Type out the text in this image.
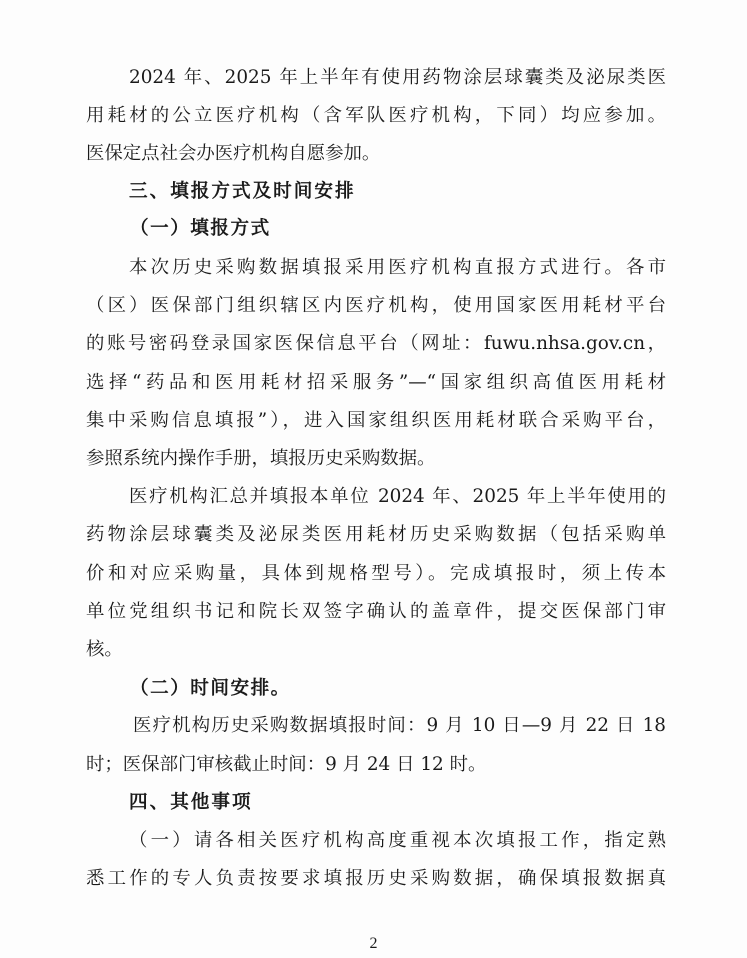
2024 年、2025 年上半年有使用药物涂层球囊类及泌尿类医
用耗材的公立医疗机构（含军队医疗机构，下同）均应参加。
医保定点社会办医疗机构自愿参加。
三、填报方式及时间安排
（一）填报方式
本次历史采购数据填报采用医疗机构直报方式进行。各市
（区）医保部门组织辖区内医疗机构，使用国家医用耗材平台
的账号密码登录国家医保信息平台（网址：fuwu.nhsa.gov.cn，
选择“药品和医用耗材招采服务”—“国家组织高值医用耗材
集中采购信息填报”），进入国家组织医用耗材联合采购平台，
参照系统内操作手册，填报历史采购数据。
医疗机构汇总并填报本单位 2024 年、2025 年上半年使用的
药物涂层球囊类及泌尿类医用耗材历史采购数据（包括采购单
价和对应采购量，具体到规格型号）。完成填报时，须上传本
单位党组织书记和院长双签字确认的盖章件，提交医保部门审
核。
（二）时间安排。
医疗机构历史采购数据填报时间：9 月 10 日—9 月 22 日 18
时；医保部门审核截止时间：9 月 24 日 12 时。
四、其他事项
（一）请各相关医疗机构高度重视本次填报工作，指定熟
悉工作的专人负责按要求填报历史采购数据，确保填报数据真
2
